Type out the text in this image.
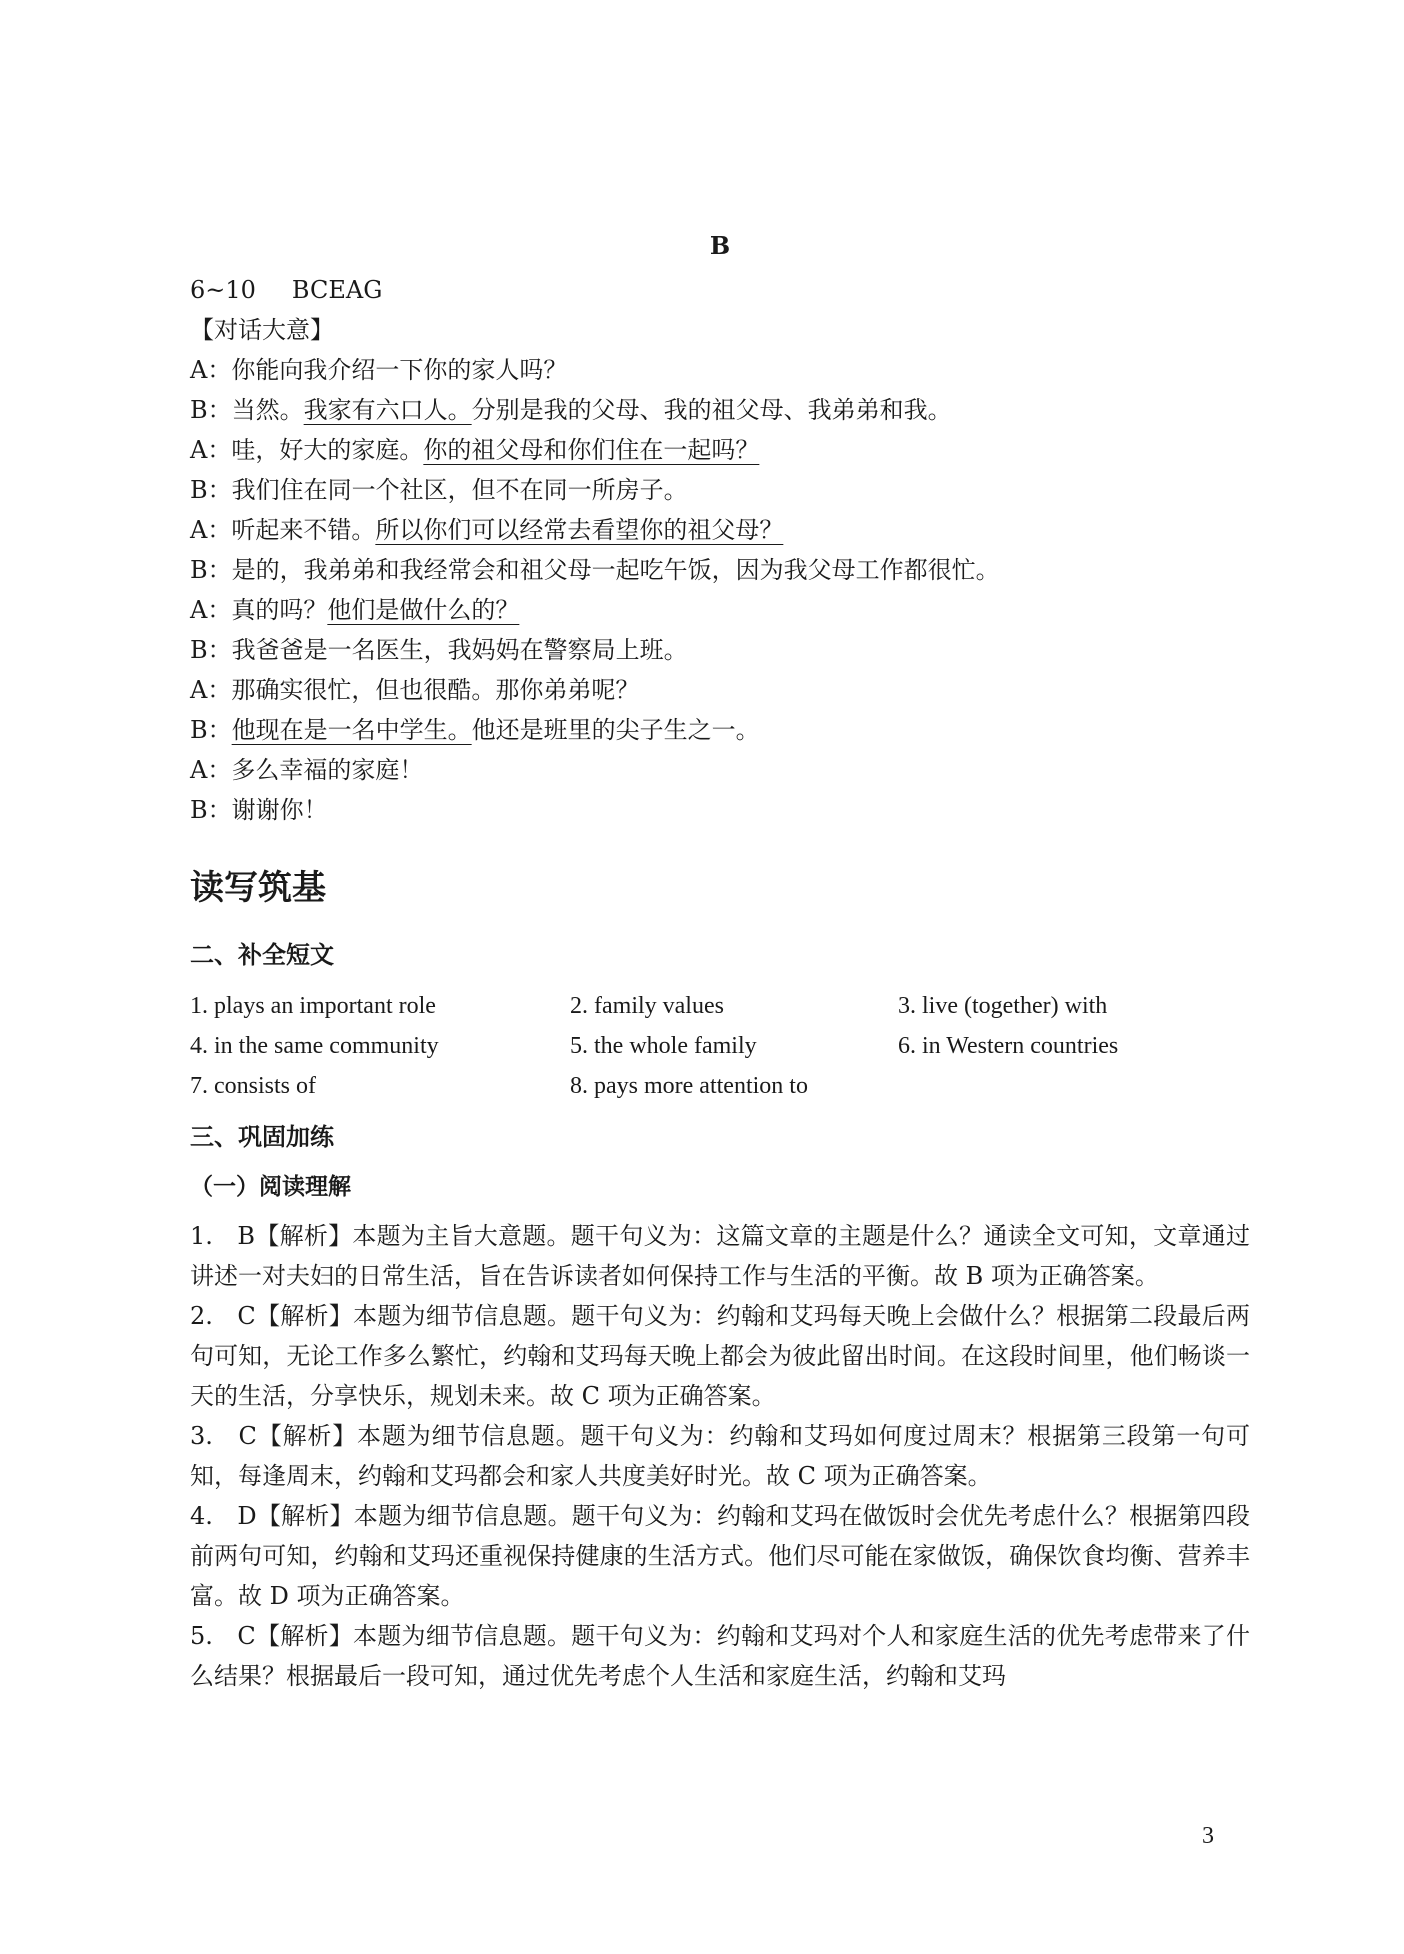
B
6~10 BCEAG
【对话大意】
A：你能向我介绍一下你的家人吗？
B：当然。我家有六口人。分别是我的父母、我的祖父母、我弟弟和我。
A：哇，好大的家庭。你的祖父母和你们住在一起吗？
B：我们住在同一个社区，但不在同一所房子。
A：听起来不错。所以你们可以经常去看望你的祖父母？
B：是的，我弟弟和我经常会和祖父母一起吃午饭，因为我父母工作都很忙。
A：真的吗？他们是做什么的？
B：我爸爸是一名医生，我妈妈在警察局上班。
A：那确实很忙，但也很酷。那你弟弟呢？
B：他现在是一名中学生。他还是班里的尖子生之一。
A：多么幸福的家庭！
B：谢谢你！
读写筑基
二、补全短文
1. plays an important role	2. family values	3. live (together) with
4. in the same community	5. the whole family	6. in Western countries
7. consists of	8. pays more attention to
三、巩固加练
（一）阅读理解
1.　B【解析】本题为主旨大意题。题干句义为：这篇文章的主题是什么？通读全文可知，文章通过讲述一对夫妇的日常生活，旨在告诉读者如何保持工作与生活的平衡。故 B 项为正确答案。
2.　C【解析】本题为细节信息题。题干句义为：约翰和艾玛每天晚上会做什么？根据第二段最后两句可知，无论工作多么繁忙，约翰和艾玛每天晚上都会为彼此留出时间。在这段时间里，他们畅谈一天的生活，分享快乐，规划未来。故 C 项为正确答案。
3.　C【解析】本题为细节信息题。题干句义为：约翰和艾玛如何度过周末？根据第三段第一句可知，每逢周末，约翰和艾玛都会和家人共度美好时光。故 C 项为正确答案。
4.　D【解析】本题为细节信息题。题干句义为：约翰和艾玛在做饭时会优先考虑什么？根据第四段前两句可知，约翰和艾玛还重视保持健康的生活方式。他们尽可能在家做饭，确保饮食均衡、营养丰富。故 D 项为正确答案。
5.　C【解析】本题为细节信息题。题干句义为：约翰和艾玛对个人和家庭生活的优先考虑带来了什么结果？根据最后一段可知，通过优先考虑个人生活和家庭生活，约翰和艾玛
3
